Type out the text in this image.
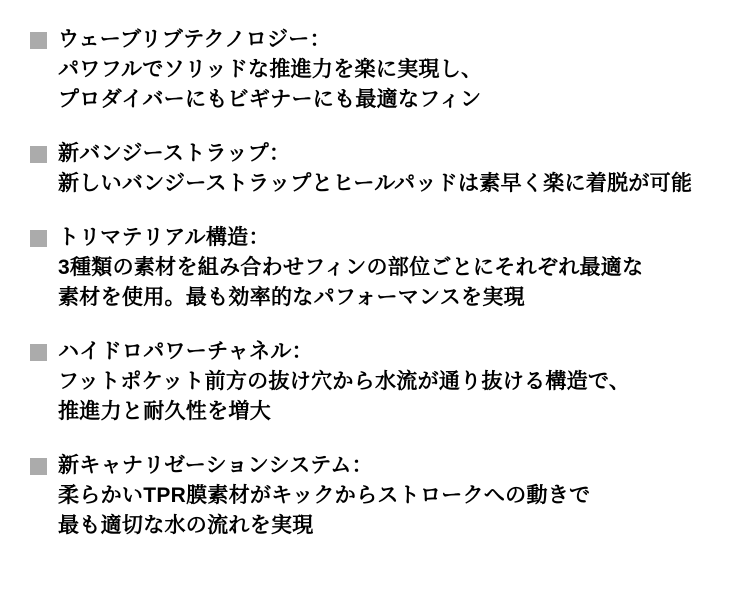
ウェーブリブテクノロジー：
パワフルでソリッドな推進力を楽に実現し、
プロダイバーにもビギナーにも最適なフィン
新バンジーストラップ：
新しいバンジーストラップとヒールパッドは素早く楽に着脱が可能
トリマテリアル構造：
3種類の素材を組み合わせフィンの部位ごとにそれぞれ最適な
素材を使用。最も効率的なパフォーマンスを実現
ハイドロパワーチャネル：
フットポケット前方の抜け穴から水流が通り抜ける構造で、
推進力と耐久性を増大
新キャナリゼーションシステム：
柔らかいTPR膜素材がキックからストロークへの動きで
最も適切な水の流れを実現
